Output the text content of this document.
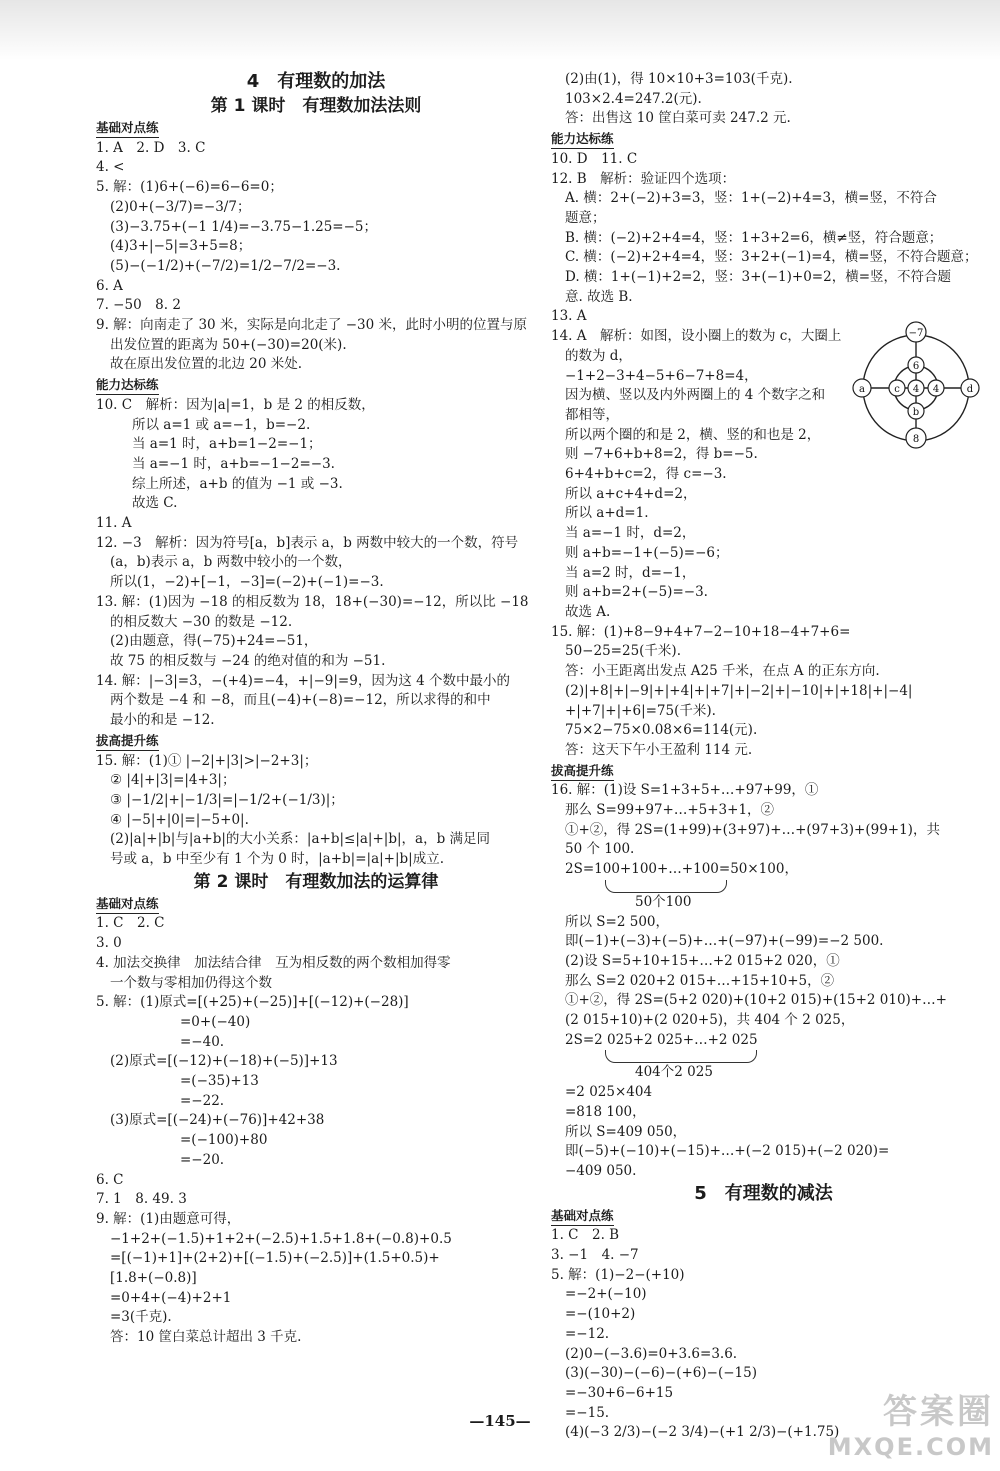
4　有理数的加法
第 1 课时　有理数加法法则
基础对点练
1. A　2. D　3. C
4. <
5. 解：(1)6+(−6)=6−6=0；
(2)0+(−3/7)=−3/7；
(3)−3.75+(−1 1/4)=−3.75−1.25=−5；
(4)3+|−5|=3+5=8；
(5)−(−1/2)+(−7/2)=1/2−7/2=−3.
6. A
7. −50　8. 2
9. 解：向南走了 30 米，实际是向北走了 −30 米，此时小明的位置与原
出发位置的距离为 50+(−30)=20(米).
故在原出发位置的北边 20 米处.
能力达标练
10. C　解析：因为|a|=1，b 是 2 的相反数，
所以 a=1 或 a=−1，b=−2.
当 a=1 时，a+b=1−2=−1；
当 a=−1 时，a+b=−1−2=−3.
综上所述，a+b 的值为 −1 或 −3.
故选 C.
11. A
12. −3　解析：因为符号[a，b]表示 a，b 两数中较大的一个数，符号
(a，b)表示 a，b 两数中较小的一个数，
所以(1，−2)+[−1，−3]=(−2)+(−1)=−3.
13. 解：(1)因为 −18 的相反数为 18，18+(−30)=−12，所以比 −18
的相反数大 −30 的数是 −12.
(2)由题意，得(−75)+24=−51，
故 75 的相反数与 −24 的绝对值的和为 −51.
14. 解：|−3|=3，−(+4)=−4，+|−9|=9，因为这 4 个数中最小的
两个数是 −4 和 −8，而且(−4)+(−8)=−12，所以求得的和中
最小的和是 −12.
拔高提升练
15. 解：(1)① |−2|+|3|>|−2+3|；
② |4|+|3|=|4+3|；
③ |−1/2|+|−1/3|=|−1/2+(−1/3)|；
④ |−5|+|0|=|−5+0|.
(2)|a|+|b|与|a+b|的大小关系：|a+b|≤|a|+|b|，a，b 满足同
号或 a，b 中至少有 1 个为 0 时，|a+b|=|a|+|b|成立.
第 2 课时　有理数加法的运算律
基础对点练
1. C　2. C
3. 0
4. 加法交换律　加法结合律　互为相反数的两个数相加得零
一个数与零相加仍得这个数
5. 解：(1)原式=[(+25)+(−25)]+[(−12)+(−28)]
=0+(−40)
=−40.
(2)原式=[(−12)+(−18)+(−5)]+13
=(−35)+13
=−22.
(3)原式=[(−24)+(−76)]+42+38
=(−100)+80
=−20.
6. C
7. 1　8. 49. 3
9. 解：(1)由题意可得，
−1+2+(−1.5)+1+2+(−2.5)+1.5+1.8+(−0.8)+0.5
=[(−1)+1]+(2+2)+[(−1.5)+(−2.5)]+(1.5+0.5)+
[1.8+(−0.8)]
=0+4+(−4)+2+1
=3(千克).
答：10 筐白菜总计超出 3 千克.
(2)由(1)，得 10×10+3=103(千克).
103×2.4=247.2(元).
答：出售这 10 筐白菜可卖 247.2 元.
能力达标练
10. D　11. C
12. B　解析：验证四个选项：
A. 横：2+(−2)+3=3，竖：1+(−2)+4=3，横=竖，不符合
题意；
B. 横：(−2)+2+4=4，竖：1+3+2=6，横≠竖，符合题意；
C. 横：(−2)+2+4=4，竖：3+2+(−1)=4，横=竖，不符合题意；
D. 横：1+(−1)+2=2，竖：3+(−1)+0=2，横=竖，不符合题
意. 故选 B.
13. A
14. A　解析：如图，设小圈上的数为 c，大圈上
的数为 d，
−1+2−3+4−5+6−7+8=4，
因为横、竖以及内外两圈上的 4 个数字之和
都相等，
所以两个圈的和是 2，横、竖的和也是 2，
则 −7+6+b+8=2，得 b=−5.
6+4+b+c=2，得 c=−3.
所以 a+c+4+d=2，
所以 a+d=1.
当 a=−1 时，d=2，
则 a+b=−1+(−5)=−6；
当 a=2 时，d=−1，
则 a+b=2+(−5)=−3.
故选 A.
15. 解：(1)+8−9+4+7−2−10+18−4+7+6=
50−25=25(千米).
答：小王距离出发点 A25 千米，在点 A 的正东方向.
(2)|+8|+|−9|+|+4|+|+7|+|−2|+|−10|+|+18|+|−4|
+|+7|+|+6|=75(千米).
75×2−75×0.08×6=114(元).
答：这天下午小王盈利 114 元.
拔高提升练
16. 解：(1)设 S=1+3+5+…+97+99，①
那么 S=99+97+…+5+3+1，②
①+②，得 2S=(1+99)+(3+97)+…+(97+3)+(99+1)，共
50 个 100.
2S=100+100+…+100=50×100，
50个100
所以 S=2 500，
即(−1)+(−3)+(−5)+…+(−97)+(−99)=−2 500.
(2)设 S=5+10+15+…+2 015+2 020，①
那么 S=2 020+2 015+…+15+10+5，②
①+②，得 2S=(5+2 020)+(10+2 015)+(15+2 010)+…+
(2 015+10)+(2 020+5)，共 404 个 2 025，
2S=2 025+2 025+…+2 025
404个2 025
=2 025×404
=818 100，
所以 S=409 050，
即(−5)+(−10)+(−15)+…+(−2 015)+(−2 020)=
−409 050.
5　有理数的减法
基础对点练
1. C　2. B
3. −1　4. −7
5. 解：(1)−2−(+10)
=−2+(−10)
=−(10+2)
=−12.
(2)0−(−3.6)=0+3.6=3.6.
(3)(−30)−(−6)−(+6)−(−15)
=−30+6−6+15
=−15.
(4)(−3 2/3)−(−2 3/4)−(+1 2/3)−(+1.75)
−7
6
4
b
8
a	c	4	d
—145—	答案圈
MXQE.COM
